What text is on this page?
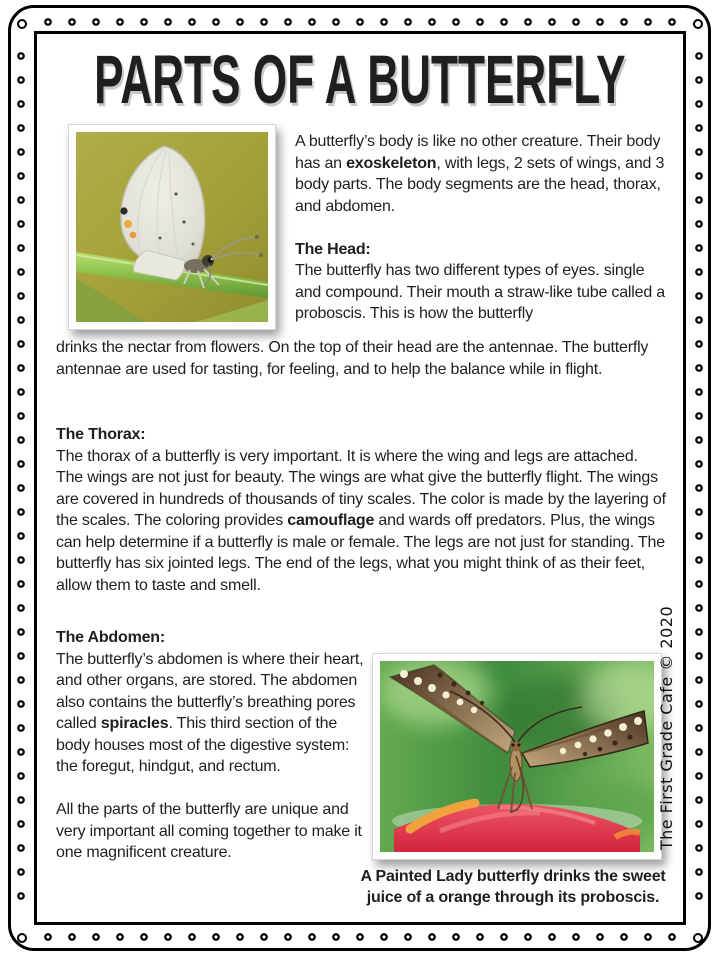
PARTS OF A BUTTERFLY

A butterfly’s body is like no other creature. Their body has an exoskeleton, with legs, 2 sets of wings, and 3 body parts. The body segments are the head, thorax, and abdomen.

The Head:

The butterfly has two different types of eyes. single and compound. Their mouth a straw-like tube called a proboscis. This is how the butterfly

drinks the nectar from flowers. On the top of their head are the antennae. The butterfly antennae are used for tasting, for feeling, and to help the balance while in flight.

The Thorax:

The thorax of a butterfly is very important. It is where the wing and legs are attached. The wings are not just for beauty. The wings are what give the butterfly flight. The wings are covered in hundreds of thousands of tiny scales. The color is made by the layering of the scales. The coloring provides camouflage and wards off predators. Plus, the wings can help determine if a butterfly is male or female. The legs are not just for standing. The butterfly has six jointed legs. The end of the legs, what you might think of as their feet, allow them to taste and smell.

The Abdomen:

The butterfly’s abdomen is where their heart, and other organs, are stored. The abdomen also contains the butterfly’s breathing pores called spiracles. This third section of the body houses most of the digestive system: the foregut, hindgut, and rectum.

All the parts of the butterfly are unique and very important all coming together to make it one magnificent creature.

A Painted Lady butterfly drinks the sweet juice of a orange through its proboscis.
The First Grade Cafe © 2020
